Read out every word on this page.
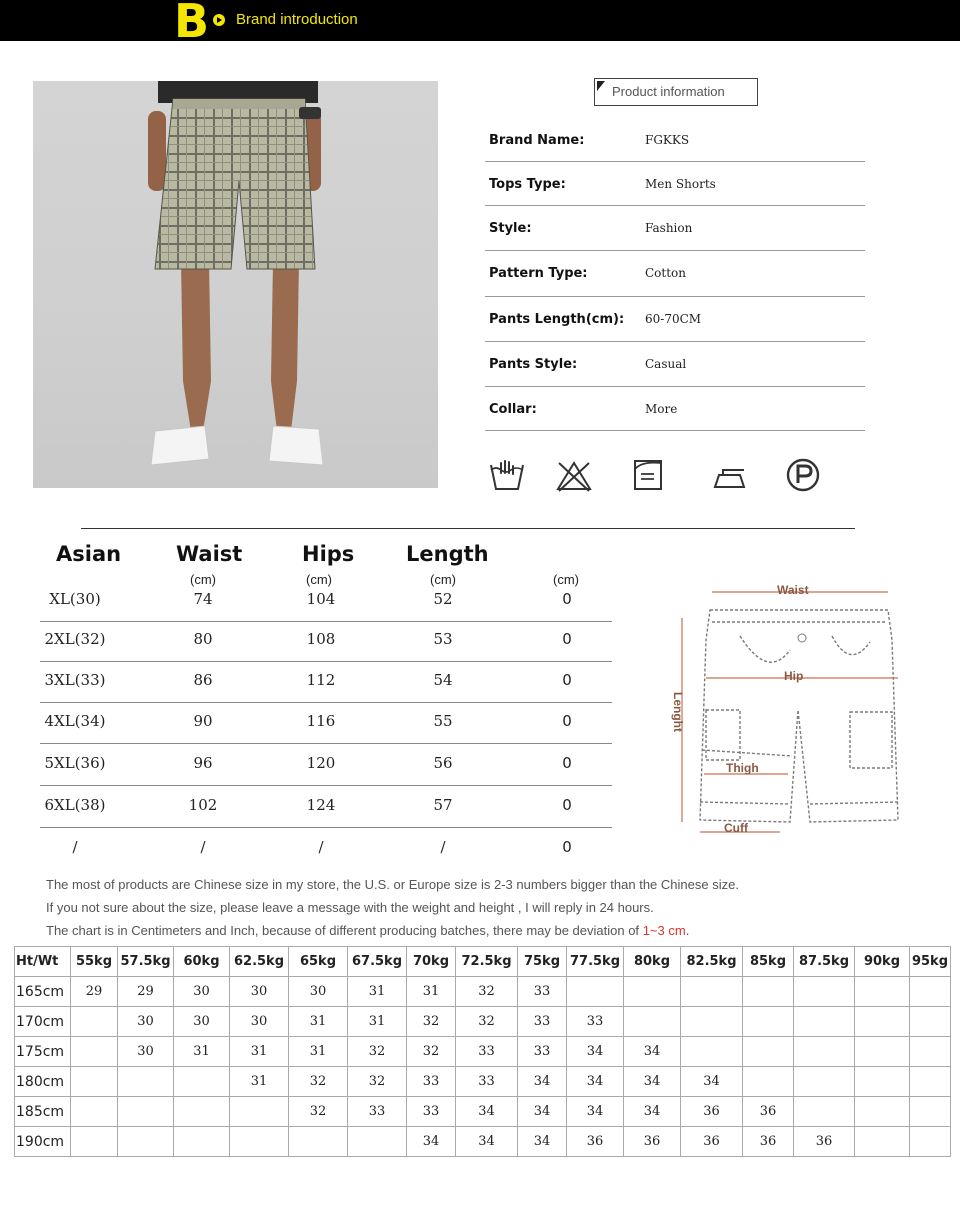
B Brand introduction
Product information
Brand Name:	FGKKS
Tops Type:	Men Shorts
Style:	Fashion
Pattern Type:	Cotton
Pants Length(cm): 60-70CM
Pants Style:	Casual
Collar:	More
Asian	Waist	Hips Length
(cm)	(cm)	(cm)	(cm)
XL(30)	74	104	52	0
2XL(32)	80	108	53	0
3XL(33)	86	112	54	0
4XL(34)	90	116	55	0
5XL(36)	96	120	56	0
6XL(38)	102	124	57	0
/	/	/	/	0
Waist
Hip
Thigh
Cuff
Lenght
The most of products are Chinese size in my store, the U.S. or Europe size is 2-3 numbers bigger than the Chinese size.
If you not sure about the size, please leave a message with the weight and height , I will reply in 24 hours.
The chart is in Centimeters and Inch, because of different producing batches, there may be deviation of 1~3 cm.
Ht/Wt	55kg	57.5kg	60kg	62.5kg	65kg	67.5kg	70kg	72.5kg	75kg	77.5kg	80kg	82.5kg	85kg	87.5kg	90kg	95kg
165cm	29	29	30	30	30	31	31	32	33							
170cm		30	30	30	31	31	32	32	33	33						
175cm		30	31	31	31	32	32	33	33	34	34					
180cm				31	32	32	33	33	34	34	34	34				
185cm					32	33	33	34	34	34	34	36	36			
190cm							34	34	34	36	36	36	36	36		
